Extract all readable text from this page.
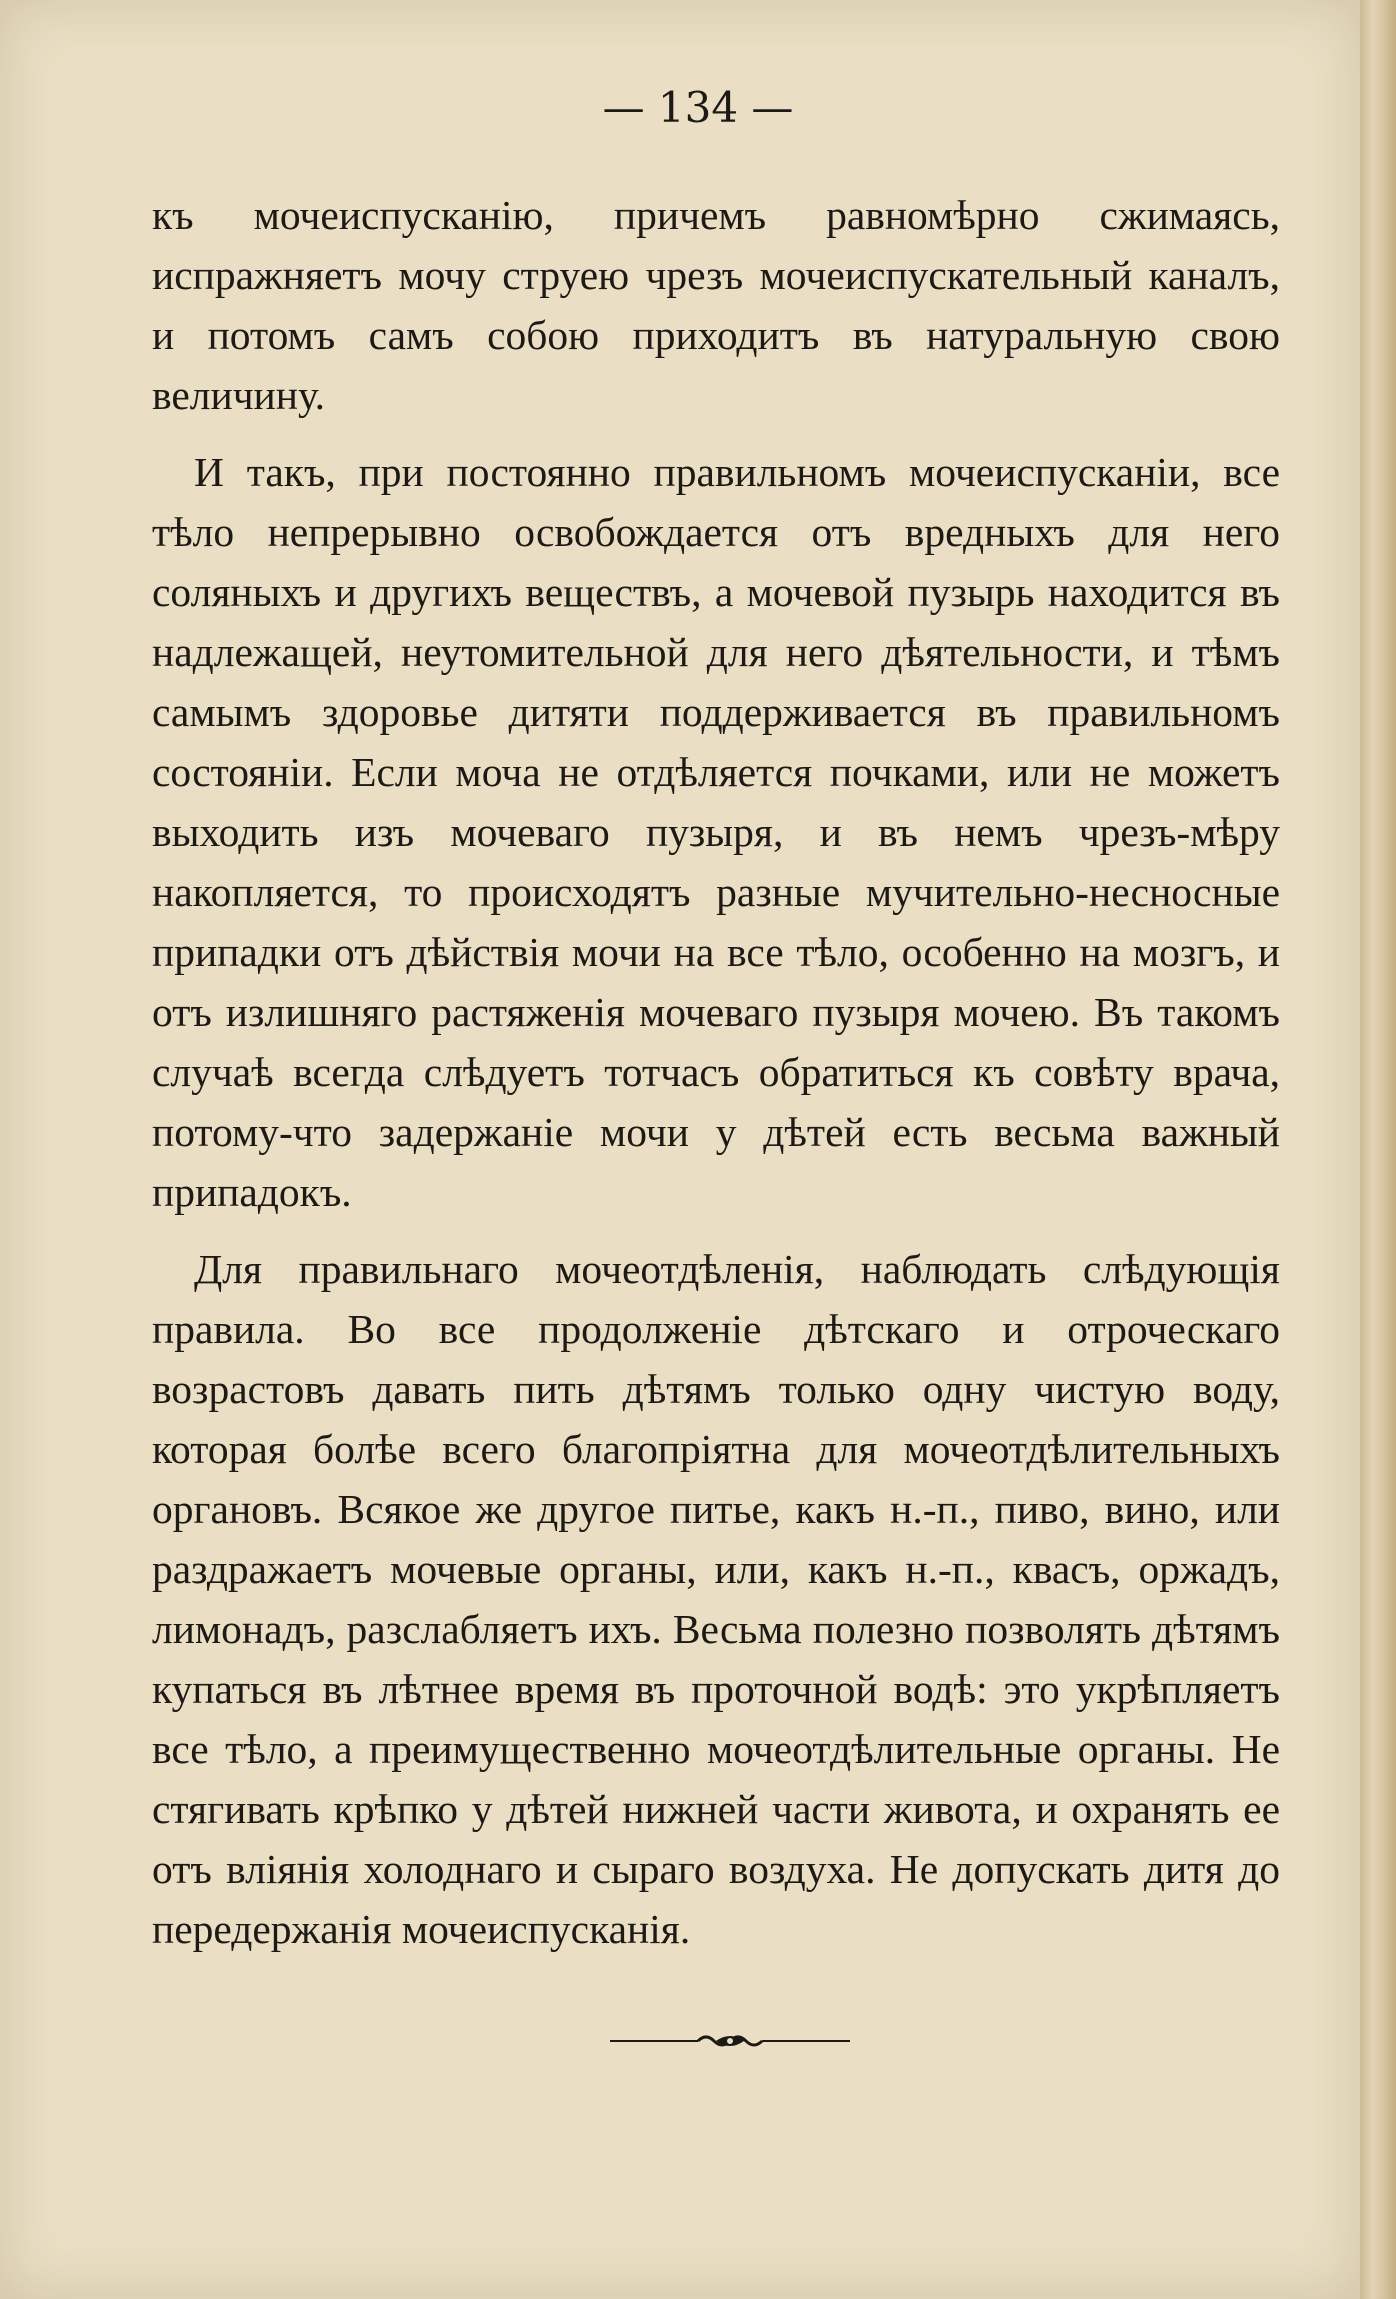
— 134 —

къ мочеиспусканію, причемъ равномѣрно сжимаясь, испражняетъ мочу струею чрезъ мочеиспускательный каналъ, и потомъ самъ собою приходитъ въ натуральную свою величину.

И такъ, при постоянно правильномъ мочеиспусканіи, все тѣло непрерывно освобождается отъ вредныхъ для него соляныхъ и другихъ веществъ, а мочевой пузырь находится въ надлежащей, неутомительной для него дѣятельности, и тѣмъ самымъ здоровье дитяти поддерживается въ правильномъ состояніи. Если моча не отдѣляется почками, или не можетъ выходить изъ мочеваго пузыря, и въ немъ чрезъ-мѣру накопляется, то происходятъ разные мучительно-несносные припадки отъ дѣйствія мочи на все тѣло, особенно на мозгъ, и отъ излишняго растяженія мочеваго пузыря мочею. Въ такомъ случаѣ всегда слѣдуетъ тотчасъ обратиться къ совѣту врача, потому-что задержаніе мочи у дѣтей есть весьма важный припадокъ.

Для правильнаго мочеотдѣленія, наблюдать слѣдующія правила. Во все продолженіе дѣтскаго и отроческаго возрастовъ давать пить дѣтямъ только одну чистую воду, которая болѣе всего благопріятна для мочеотдѣлительныхъ органовъ. Всякое же другое питье, какъ н.-п., пиво, вино, или раздражаетъ мочевые органы, или, какъ н.-п., квасъ, оржадъ, лимонадъ, разслабляетъ ихъ. Весьма полезно позволять дѣтямъ купаться въ лѣтнее время въ проточной водѣ: это укрѣпляетъ все тѣло, а преимущественно мочеотдѣлительные органы. Не стягивать крѣпко у дѣтей нижней части живота, и охранять ее отъ вліянія холоднаго и сыраго воздуха. Не допускать дитя до передержанія мочеиспусканія.
